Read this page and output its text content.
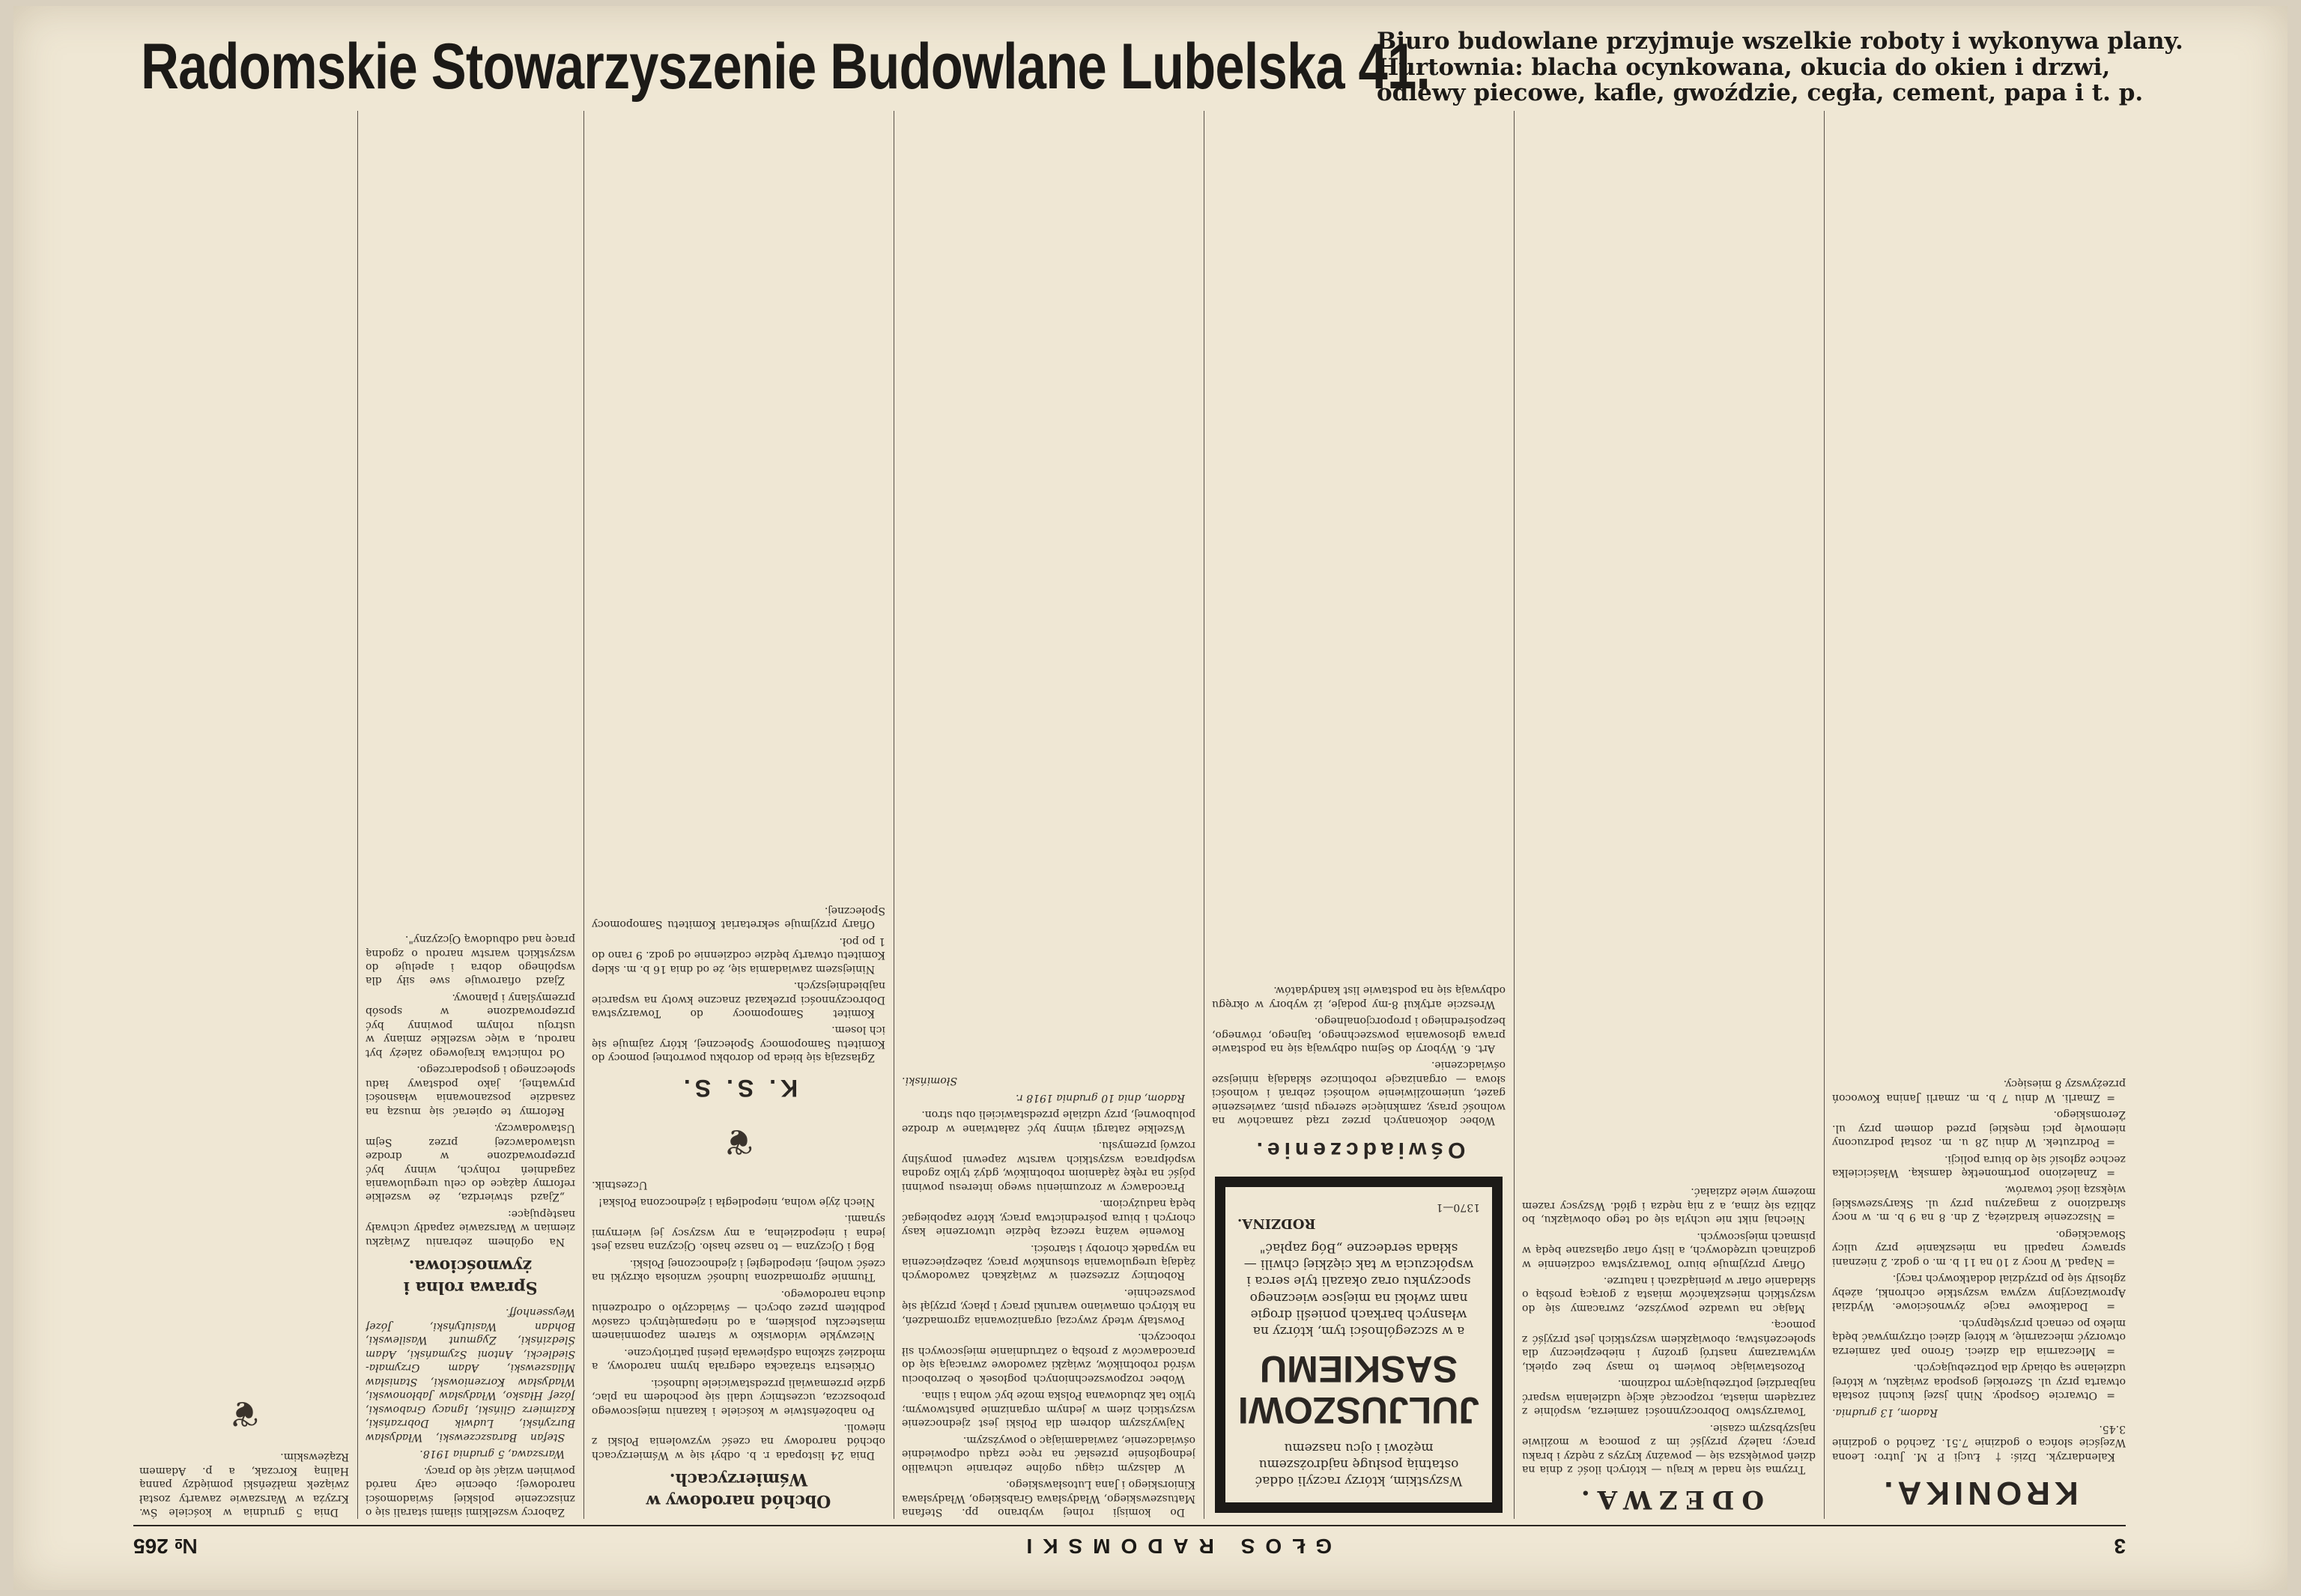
Radomskie Stowarzyszenie Budowlane Lubelska 41.
Biuro budowlane przyjmuje wszelkie roboty i wykonywa plany.
Hurtownia: blacha ocynkowana, okucia do okien i drzwi,
odlewy piecowe, kafle, gwoździe, cegła, cement, papa i t. p.
3
GŁOS RADOMSKI
№ 265
KRONIKA.

Kalendarzyk. Dziś: † Łucji P. M. Jutro: Leona Wzejście słońca o godzinie 7.51. Zachód o godzinie 3.45.

Radom, 13 grudnia.

= Otwarcie Gospody. Ninh jszej kuchni została otwarta przy ul. Szerokiej gospoda związku, w której udzielane są obiady dla potrzebujących.

= Mleczarnia dla dzieci. Grono pań zamierza otworzyć mleczarnię, w której dzieci otrzymywać będą mleko po cenach przystępnych.

= Dodatkowe racje żywnościowe. Wydział Aprowizacyjny wzywa wszystkie ochronki, ażeby zgłosiły się po przydział dodatkowych racyj.

= Napad. W nocy z 10 na 11 b. m. o godz. 2 nieznani sprawcy napadli na mieszkanie przy ulicy Słowackiego.

= Niszczenie kradzieżą. Z dn. 8 na 9 b. m. w nocy skradziono z magazynu przy ul. Skaryszewskiej większą ilość towarów.

= Znaleziono portmonetkę damską. Właścicielka zechce zgłosić się do biura policji.

= Podrzutek. W dniu 28 u. m. został podrzucony niemowlę płci męskiej przed domem przy ul. Żeromskiego.

= Zmarli. W dniu 7 b. m. zmarli Janina Kowocoń przeżywszy 8 miesięcy.

ODEZWA.

Trzyma się nadal w kraju — których ilość z dnia na dzień powiększa się — poważny kryzys z nędzy i braku pracy; należy przyjść im z pomocą w możliwie najszybszym czasie.

Towarzystwo Dobroczynności zamierza, wspólnie z zarządem miasta, rozpocząć akcję udzielania wsparć najbardziej potrzebującym rodzinom.

Pozostawiając bowiem to masy bez opieki, wytwarzamy nastrój groźny i niebezpieczny dla społeczeństwa; obowiązkiem wszystkich jest przyjść z pomocą.

Mając na uwadze powyższe, zwracamy się do wszystkich mieszkańców miasta z gorącą prośbą o składanie ofiar w pieniądzach i naturze.

Ofiary przyjmuje biuro Towarzystwa codziennie w godzinach urzędowych, a listy ofiar ogłaszane będą w pismach miejscowych.

Niechaj nikt nie uchyla się od tego obowiązku, bo zbliża się zima, a z nią nędza i głód. Wszyscy razem możemy wiele zdziałać.

Wszystkim, którzy raczyli oddać ostatnią posługę najdroższemu mężowi i ojcu naszemu
JULJUSZOWI SASKIEMU
a w szczególności tym, którzy na własnych barkach ponieśli drogie nam zwłoki na miejsce wiecznego spoczynku oraz okazali tyle serca i współczucia w tak ciężkiej chwili — składa serdeczne „Bóg zapłać"
RODZINA.
1370—1
Oświadczenie.

Wobec dokonanych przez rząd zamachów na wolność prasy, zamknięcie szeregu pism, zawieszenie gazet, uniemożliwienie wolności zebrań i wolności słowa — organizacje robotnicze składają niniejsze oświadczenie.

Art. 6. Wybory do Sejmu odbywają się na podstawie prawa głosowania powszechnego, tajnego, równego, bezpośredniego i proporcjonalnego.

Wreszcie artykuł 8-my podaje, iż wybory w okręgu odbywają się na podstawie list kandydatów.

Do komisji rolnej wybrano pp. Stefana Matuszewskiego, Władysława Grabskiego, Władysława Kiniorskiego i Jana Lutosławskiego.

W dalszym ciągu ogólne zebranie uchwaliło jednogłośnie przesłać na ręce rządu odpowiednie oświadczenie, zawiadamiając o powyższym.

Najwyższym dobrem dla Polski jest zjednoczenie wszystkich ziem w jednym organizmie państwowym; tylko tak zbudowana Polska może być wolna i silna.

Wobec rozpowszechnionych pogłosek o bezrobociu wśród robotników, związki zawodowe zwracają się do pracodawców z prośbą o zatrudnianie miejscowych sił roboczych.

Powstały wtedy zwyczaj organizowania zgromadzeń, na których omawiano warunki pracy i płacy, przyjął się powszechnie.

Robotnicy zrzeszeni w związkach zawodowych żądają uregulowania stosunków pracy, zabezpieczenia na wypadek choroby i starości.

Rowenie ważną rzeczą będzie utworzenie kasy chorych i biura pośrednictwa pracy, które zapobiegać będą nadużyciom.

Pracodawcy w zrozumieniu swego interesu powinni pójść na rękę żądaniom robotników, gdyż tylko zgodna współpraca wszystkich warstw zapewni pomyślny rozwój przemysłu.

Wszelkie zatargi winny być załatwiane w drodze polubownej, przy udziale przedstawicieli obu stron.

Radom, dnia 10 grudnia 1918 r.

Słomiński.

Obchód narodowy w Wśmierzycach.

Dnia 24 listopada r. b. odbył się w Wśmierzycach obchód narodowy na cześć wyzwolenia Polski z niewoli.

Po nabożeństwie w kościele i kazaniu miejscowego proboszcza, uczestnicy udali się pochodem na plac, gdzie przemawiali przedstawiciele ludności.

Orkiestra strażacka odegrała hymn narodowy, a młodzież szkolna odśpiewała pieśni patriotyczne.

Niezwykle widowisko w starem zapomnianem miasteczku polskiem, a od niepamiętnych czasów podbitem przez obcych — świadczyło o odrodzeniu ducha narodowego.

Tłumnie zgromadzona ludność wzniosła okrzyki na cześć wolnej, niepodległej i zjednoczonej Polski.

Bóg i Ojczyzna — to nasze hasło. Ojczyzna nasza jest jedna i niepodzielna, a my wszyscy jej wiernymi synami.

Niech żyje wolna, niepodległa i zjednoczona Polska!

Uczestnik.

❦
K. S. S.

Zgłaszają się bieda po dorobku powrotnej pomocy do Komitetu Samopomocy Społecznej, który zajmuje się ich losem.

Komitet Samopomocy do Towarzystwa Dobroczynności przekazał znaczne kwoty na wsparcie najbiedniejszych.

Niniejszem zawiadamia się, że od dnia 16 b. m. sklep Komitetu otwarty będzie codziennie od godz. 9 rano do 1 po poł.

Ofiary przyjmuje sekretariat Komitetu Samopomocy Społecznej.

Zaborcy wszelkimi siłami starali się o zniszczenie polskiej świadomości narodowej; obecnie cały naród powinien wziąć się do pracy.

Warszawa, 5 grudnia 1918.

Stefan Baraszczewski, Władysław Burzyński, Ludwik Dobrzański, Kazimierz Gliński, Ignacy Grabowski, Józef Hłasko, Władysław Jabłonowski, Władysław Korzeniowski, Stanisław Milaszewski, Adam Grzymała-Siedlecki, Antoni Szymański, Adam Śledziński, Zygmunt Wasilewski, Bohdan Wasiutyński, Józef Weyssenhoff.

Sprawa rolna i żywnościowa.

Na ogólnem zebraniu Związku ziemian w Warszawie zapadły uchwały następujące:

„Zjazd stwierdza, że wszelkie reformy dążące do celu uregulowania zagadnień rolnych, winny być przeprowadzone w drodze ustawodawczej przez Sejm Ustawodawczy.

Reformy te opierać się muszą na zasadzie poszanowania własności prywatnej, jako podstawy ładu społecznego i gospodarczego.

Od rolnictwa krajowego zależy byt narodu, a więc wszelkie zmiany w ustroju rolnym powinny być przeprowadzone w sposób przemyślany i planowy.

Zjazd ofiarowuje swe siły dla wspólnego dobra i apeluje do wszystkich warstw narodu o zgodną pracę nad odbudową Ojczyzny".

Dnia 5 grudnia w kościele Św. Krzyża w Warszawie zawarty został związek małżeński pomiędzy panną Haliną Korczak, a p. Adamem Rzążewskim.

❦
